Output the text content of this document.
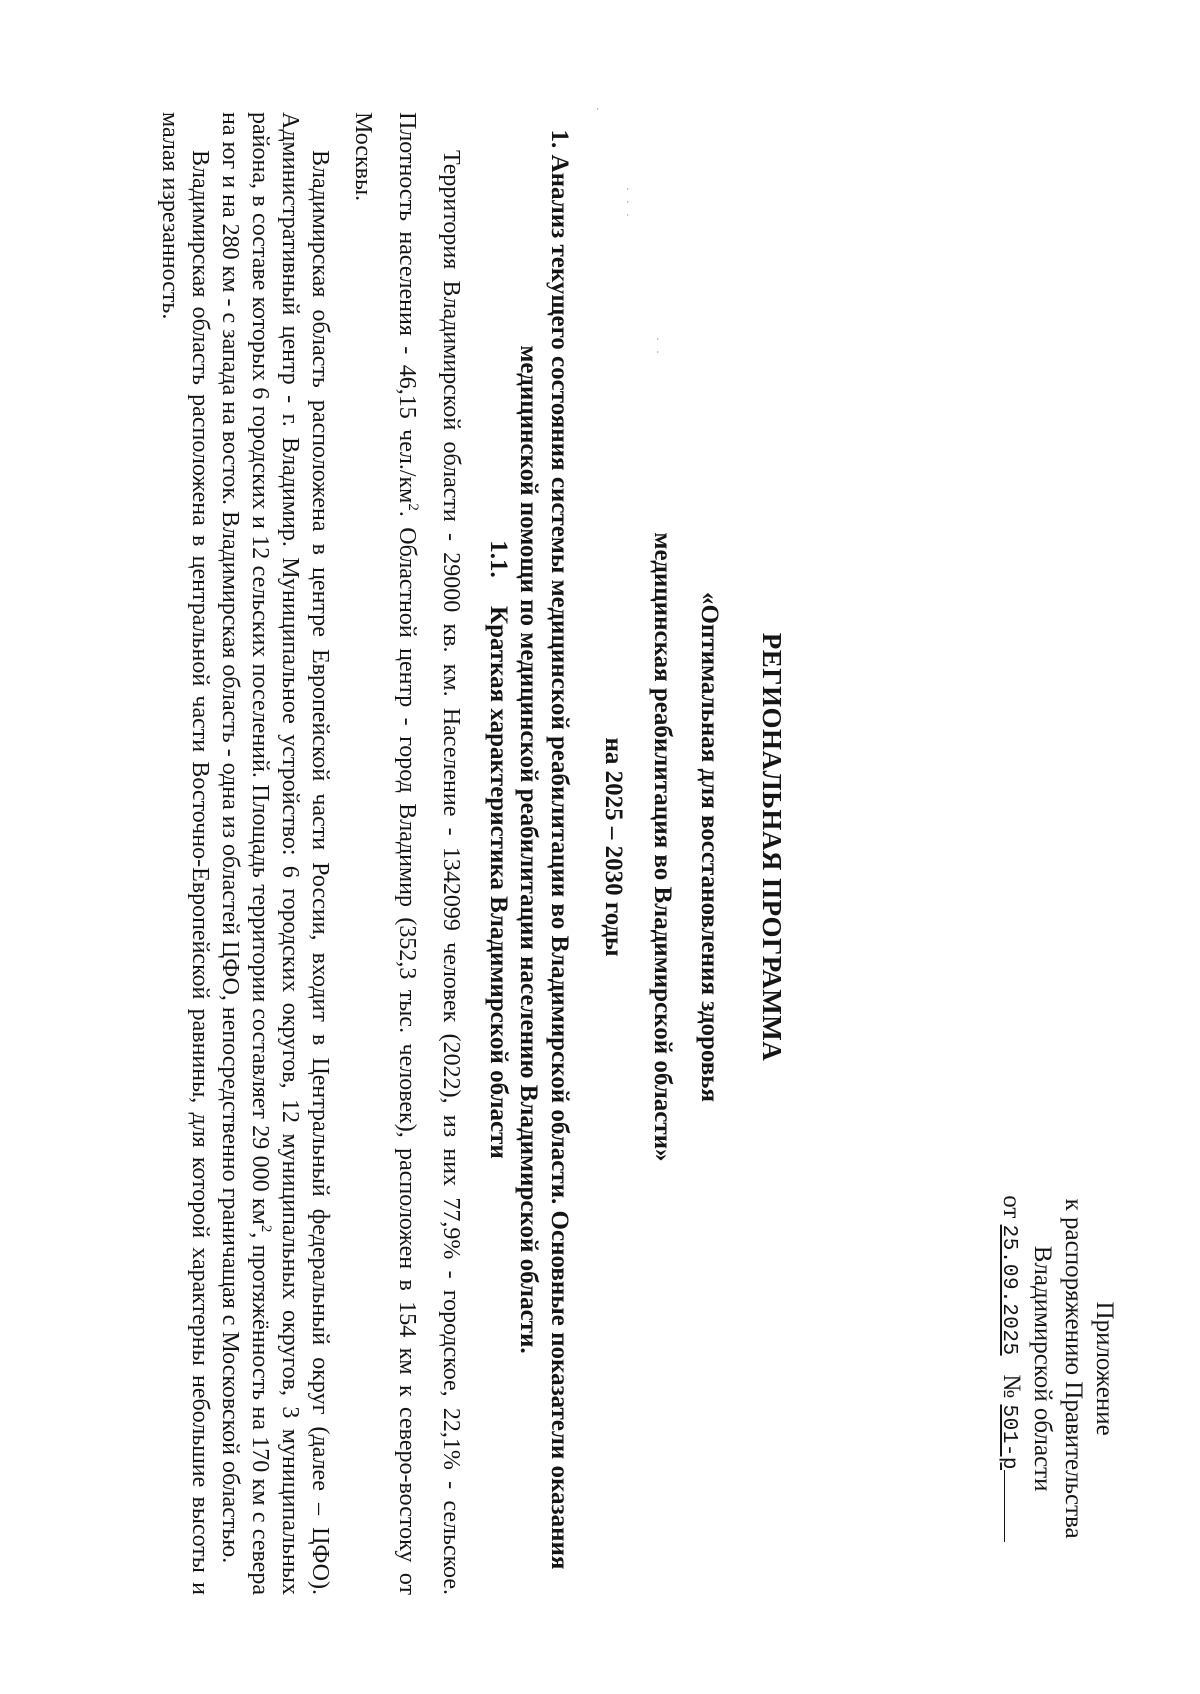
Приложение
к распоряжению Правительства
Владимирской области
от 25.09.2025   № 501-р
РЕГИОНАЛЬНАЯ ПРОГРАММА
«Оптимальная для восстановления здоровья
медицинская реабилитация во Владимирской области»
на 2025 – 2030 годы
1. Анализ текущего состояния системы медицинской реабилитации во Владимирской области. Основные показатели оказания медицинской помощи по медицинской реабилитации населению Владимирской области.
1.1. Краткая характеристика Владимирской области

Территория Владимирской области - 29000 кв. км. Население - 1342099 человек (2022), из них 77,9% - городское, 22,1% - сельское. Плотность населения - 46,15 $чел./км^2$. Областной центр - город Владимир (352,3 тыс. человек), расположен в 154 км к северо-востоку от Москвы.

Владимирская область расположена в центре Европейской части России, входит в Центральный федеральный округ (далее – ЦФО). Административный центр - г. Владимир. Муниципальное устройство: 6 городских округов, 12 муниципальных округов, 3 муниципальных района, в составе которых 6 городских и 12 сельских поселений. Площадь территории составляет 29 000 $км^2$, протяжённость на 170 км с севера на юг и на 280 км - с запада на восток. Владимирская область - одна из областей ЦФО, непосредственно граничащая с Московской областью.

Владимирская область расположена в центральной части Восточно-Европейской равнины, для которой характерны небольшие высоты и малая изрезанность.

· ·
· · ·
·
